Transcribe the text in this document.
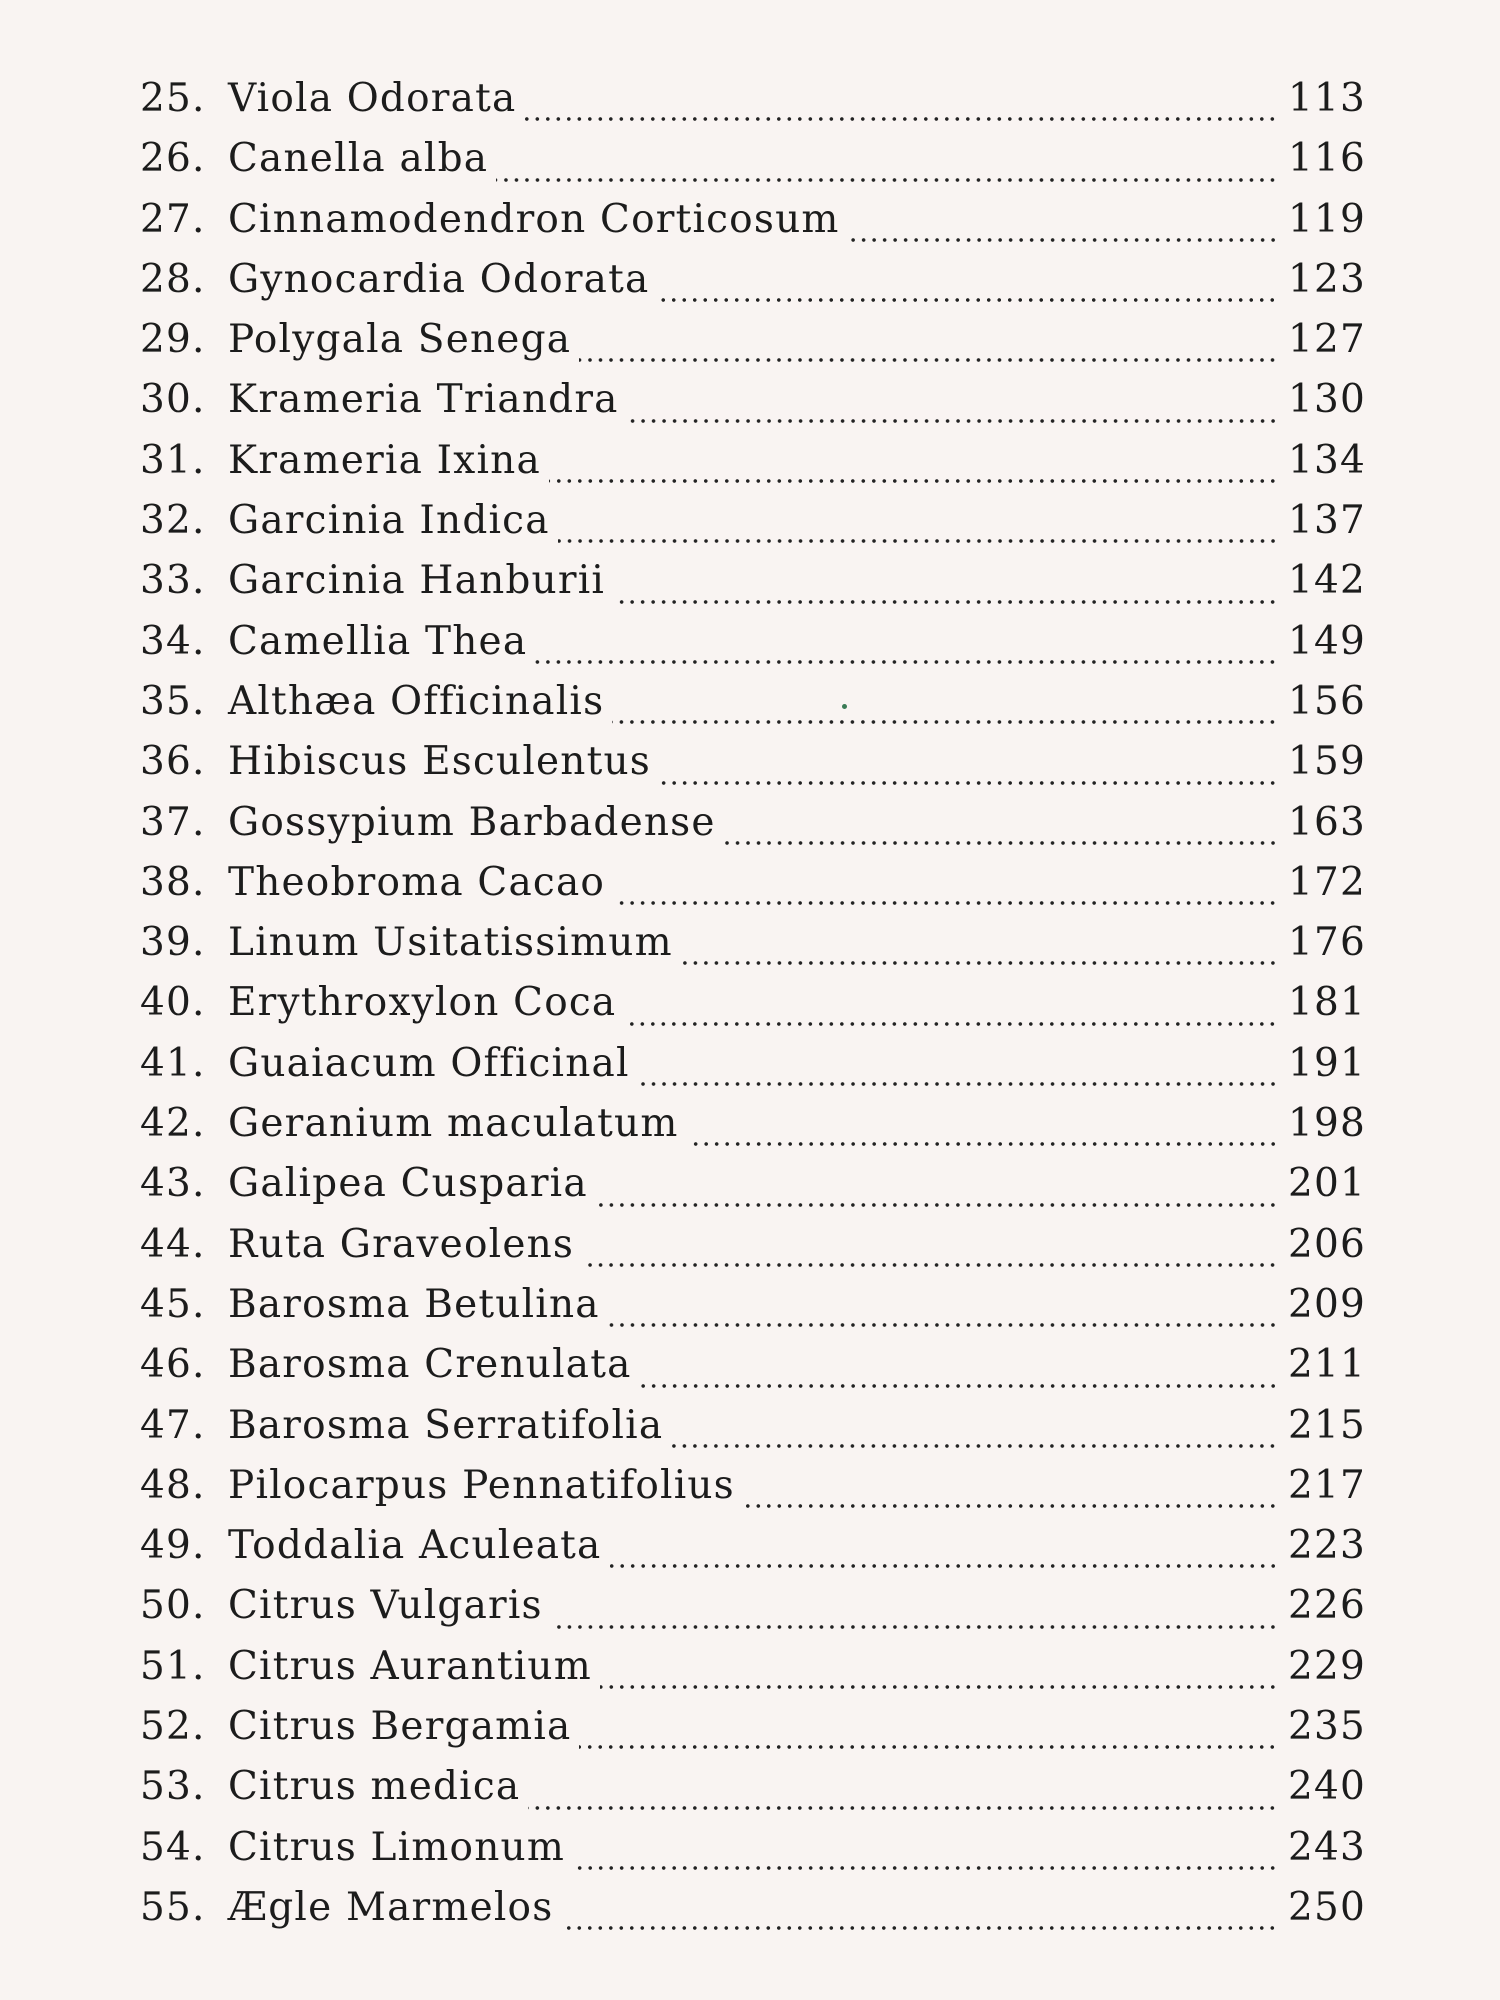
25. Viola Odorata	113
26. Canella alba	116
27. Cinnamodendron Corticosum	119
28. Gynocardia Odorata	123
29. Polygala Senega	127
30. Krameria Triandra	130
31. Krameria Ixina	134
32. Garcinia Indica	137
33. Garcinia Hanburii	142
34. Camellia Thea	149
35. Althæa Officinalis	156
36. Hibiscus Esculentus	159
37. Gossypium Barbadense	163
38. Theobroma Cacao	172
39. Linum Usitatissimum	176
40. Erythroxylon Coca	181
41. Guaiacum Officinal	191
42. Geranium maculatum	198
43. Galipea Cusparia	201
44. Ruta Graveolens	206
45. Barosma Betulina	209
46. Barosma Crenulata	211
47. Barosma Serratifolia	215
48. Pilocarpus Pennatifolius	217
49. Toddalia Aculeata	223
50. Citrus Vulgaris	226
51. Citrus Aurantium	229
52. Citrus Bergamia	235
53. Citrus medica	240
54. Citrus Limonum	243
55. Ægle Marmelos	250
